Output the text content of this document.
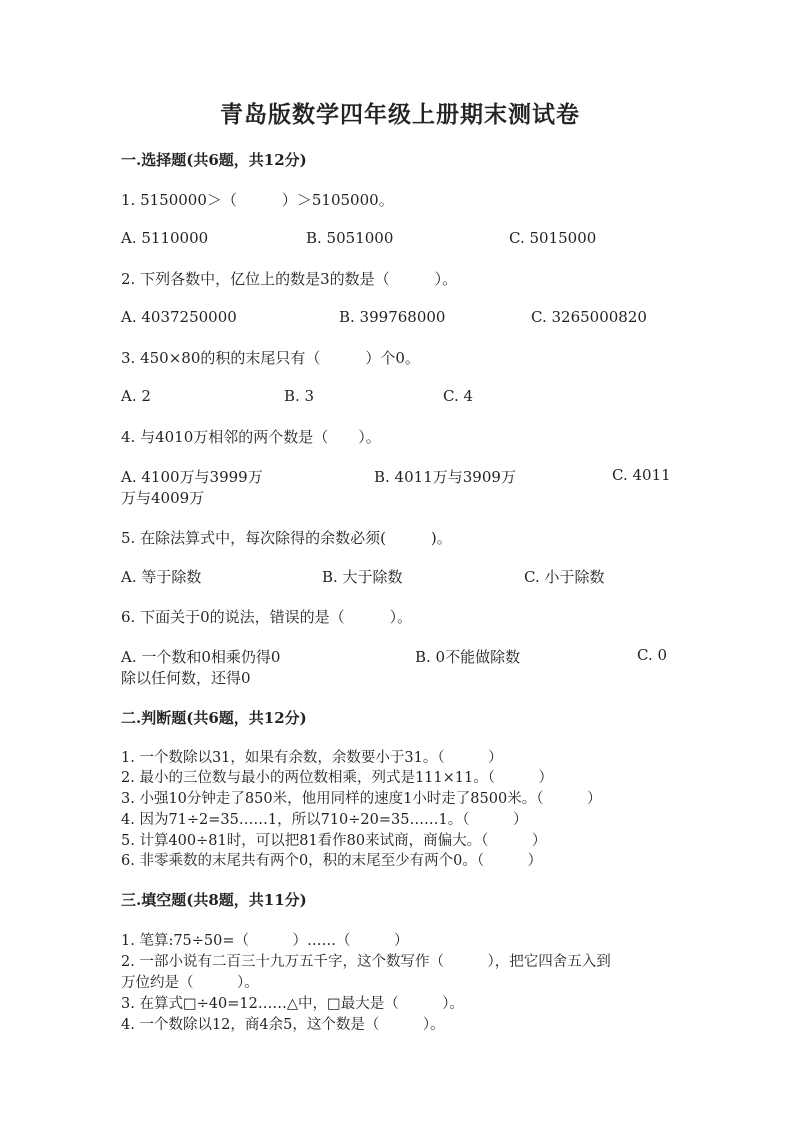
青岛版数学四年级上册期末测试卷
一.选择题(共6题，共12分)
1. 5150000＞（　　　）＞5105000。
A. 5110000	B. 5051000	C. 5015000
2. 下列各数中，亿位上的数是3的数是（　　　）。
A. 4037250000	B. 399768000	C. 3265000820
3. 450×80的积的末尾只有（　　　）个0。
A. 2	B. 3	C. 4
4. 与4010万相邻的两个数是（　　）。
A. 4100万与3999万	B. 4011万与3909万	C. 4011
万与4009万
5. 在除法算式中，每次除得的余数必须(　　　)。
A. 等于除数	B. 大于除数	C. 小于除数
6. 下面关于0的说法，错误的是（　　　）。
A. 一个数和0相乘仍得0	B. 0不能做除数	C. 0
除以任何数，还得0
二.判断题(共6题，共12分)
1. 一个数除以31，如果有余数，余数要小于31。（　　　）
2. 最小的三位数与最小的两位数相乘，列式是111×11。（　　　）
3. 小强10分钟走了850米，他用同样的速度1小时走了8500米。（　　　）
4. 因为71÷2=35……1，所以710÷20=35……1。（　　　）
5. 计算400÷81时，可以把81看作80来试商，商偏大。（　　　）
6. 非零乘数的末尾共有两个0，积的末尾至少有两个0。（　　　）
三.填空题(共8题，共11分)
1. 笔算:75÷50=（　　　）……（　　　）
2. 一部小说有二百三十九万五千字，这个数写作（　　　），把它四舍五入到
万位约是（　　　）。
3. 在算式□÷40=12……△中，□最大是（　　　）。
4. 一个数除以12，商4余5，这个数是（　　　）。
